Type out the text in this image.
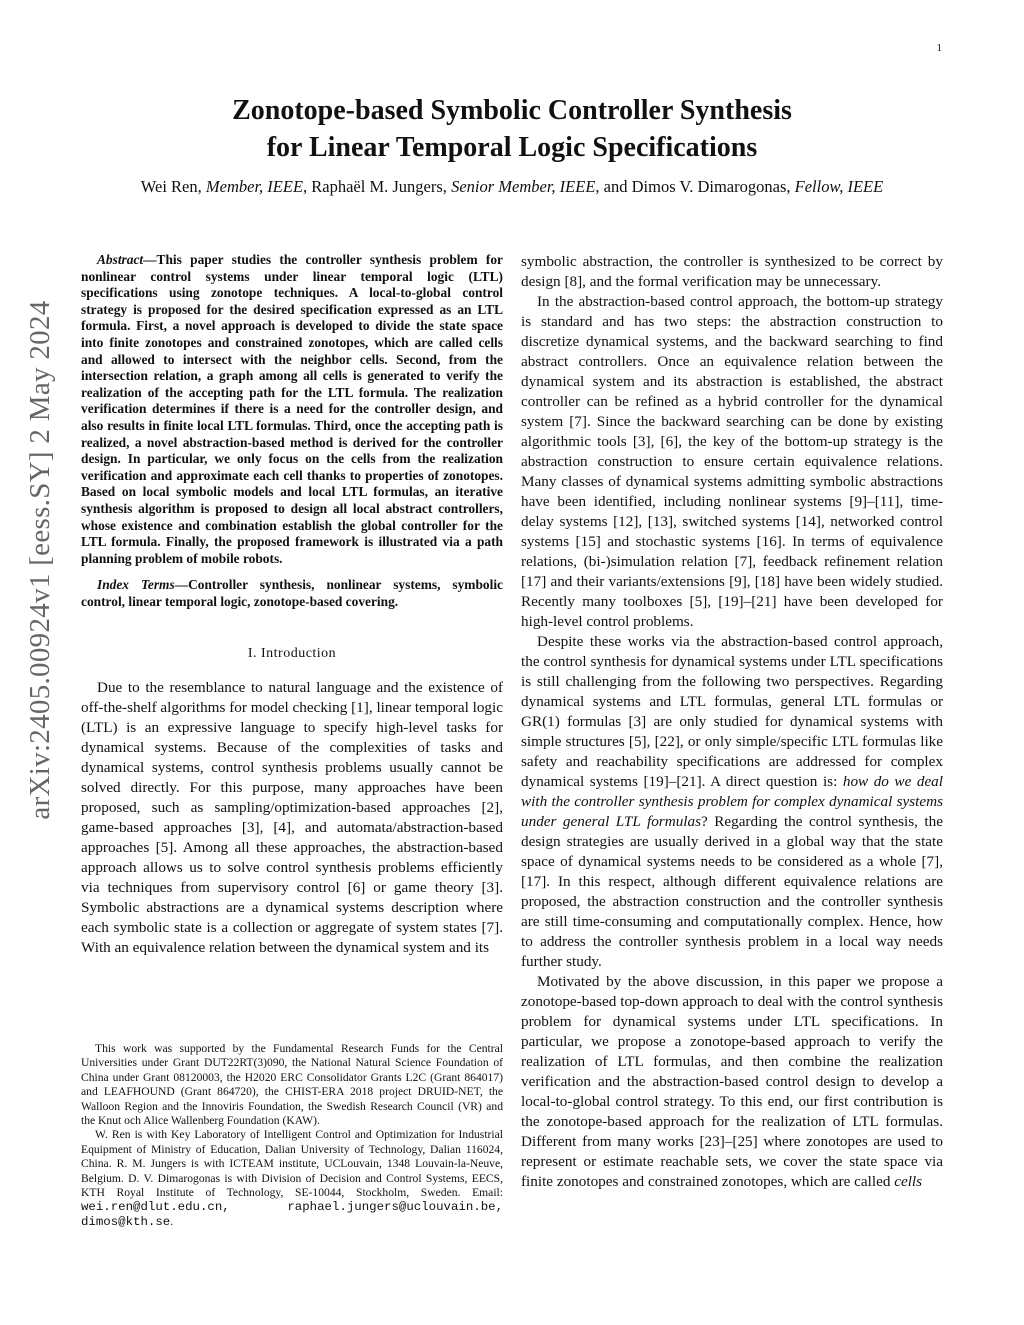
1
arXiv:2405.00924v1 [eess.SY] 2 May 2024
Zonotope-based Symbolic Controller Synthesis
for Linear Temporal Logic Specifications
Wei Ren, Member, IEEE, Raphaël M. Jungers, Senior Member, IEEE, and Dimos V. Dimarogonas, Fellow, IEEE

Abstract—This paper studies the controller synthesis problem for nonlinear control systems under linear temporal logic (LTL) specifications using zonotope techniques. A local-to-global control strategy is proposed for the desired specification expressed as an LTL formula. First, a novel approach is developed to divide the state space into finite zonotopes and constrained zonotopes, which are called cells and allowed to intersect with the neighbor cells. Second, from the intersection relation, a graph among all cells is generated to verify the realization of the accepting path for the LTL formula. The realization verification determines if there is a need for the controller design, and also results in finite local LTL formulas. Third, once the accepting path is realized, a novel abstraction-based method is derived for the controller design. In particular, we only focus on the cells from the realization verification and approximate each cell thanks to properties of zonotopes. Based on local symbolic models and local LTL formulas, an iterative synthesis algorithm is proposed to design all local abstract controllers, whose existence and combination establish the global controller for the LTL formula. Finally, the proposed framework is illustrated via a path planning problem of mobile robots.

Index Terms—Controller synthesis, nonlinear systems, symbolic control, linear temporal logic, zonotope-based covering.

I. Introduction

Due to the resemblance to natural language and the existence of off-the-shelf algorithms for model checking [1], linear temporal logic (LTL) is an expressive language to specify high-level tasks for dynamical systems. Because of the complexities of tasks and dynamical systems, control synthesis problems usually cannot be solved directly. For this purpose, many approaches have been proposed, such as sampling/optimization-based approaches [2], game-based approaches [3], [4], and automata/abstraction-based approaches [5]. Among all these approaches, the abstraction-based approach allows us to solve control synthesis problems efficiently via techniques from supervisory control [6] or game theory [3]. Symbolic abstractions are a dynamical systems description where each symbolic state is a collection or aggregate of system states [7]. With an equivalence relation between the dynamical system and its

This work was supported by the Fundamental Research Funds for the Central Universities under Grant DUT22RT(3)090, the National Natural Science Foundation of China under Grant 08120003, the H2020 ERC Consolidator Grants L2C (Grant 864017) and LEAFHOUND (Grant 864720), the CHIST-ERA 2018 project DRUID-NET, the Walloon Region and the Innoviris Foundation, the Swedish Research Council (VR) and the Knut och Alice Wallenberg Foundation (KAW).

W. Ren is with Key Laboratory of Intelligent Control and Optimization for Industrial Equipment of Ministry of Education, Dalian University of Technology, Dalian 116024, China. R. M. Jungers is with ICTEAM institute, UCLouvain, 1348 Louvain-la-Neuve, Belgium. D. V. Dimarogonas is with Division of Decision and Control Systems, EECS, KTH Royal Institute of Technology, SE-10044, Stockholm, Sweden. Email: wei.ren@dlut.edu.cn, raphael.jungers@uclouvain.be, dimos@kth.se.

symbolic abstraction, the controller is synthesized to be correct by design [8], and the formal verification may be unnecessary.

In the abstraction-based control approach, the bottom-up strategy is standard and has two steps: the abstraction construction to discretize dynamical systems, and the backward searching to find abstract controllers. Once an equivalence relation between the dynamical system and its abstraction is established, the abstract controller can be refined as a hybrid controller for the dynamical system [7]. Since the backward searching can be done by existing algorithmic tools [3], [6], the key of the bottom-up strategy is the abstraction construction to ensure certain equivalence relations. Many classes of dynamical systems admitting symbolic abstractions have been identified, including nonlinear systems [9]–[11], time-delay systems [12], [13], switched systems [14], networked control systems [15] and stochastic systems [16]. In terms of equivalence relations, (bi-)simulation relation [7], feedback refinement relation [17] and their variants/extensions [9], [18] have been widely studied. Recently many toolboxes [5], [19]–[21] have been developed for high-level control problems.

Despite these works via the abstraction-based control approach, the control synthesis for dynamical systems under LTL specifications is still challenging from the following two perspectives. Regarding dynamical systems and LTL formulas, general LTL formulas or GR(1) formulas [3] are only studied for dynamical systems with simple structures [5], [22], or only simple/specific LTL formulas like safety and reachability specifications are addressed for complex dynamical systems [19]–[21]. A direct question is: how do we deal with the controller synthesis problem for complex dynamical systems under general LTL formulas? Regarding the control synthesis, the design strategies are usually derived in a global way that the state space of dynamical systems needs to be considered as a whole [7], [17]. In this respect, although different equivalence relations are proposed, the abstraction construction and the controller synthesis are still time-consuming and computationally complex. Hence, how to address the controller synthesis problem in a local way needs further study.

Motivated by the above discussion, in this paper we propose a zonotope-based top-down approach to deal with the control synthesis problem for dynamical systems under LTL specifications. In particular, we propose a zonotope-based approach to verify the realization of LTL formulas, and then combine the realization verification and the abstraction-based control design to develop a local-to-global control strategy. To this end, our first contribution is the zonotope-based approach for the realization of LTL formulas. Different from many works [23]–[25] where zonotopes are used to represent or estimate reachable sets, we cover the state space via finite zonotopes and constrained zonotopes, which are called cells
